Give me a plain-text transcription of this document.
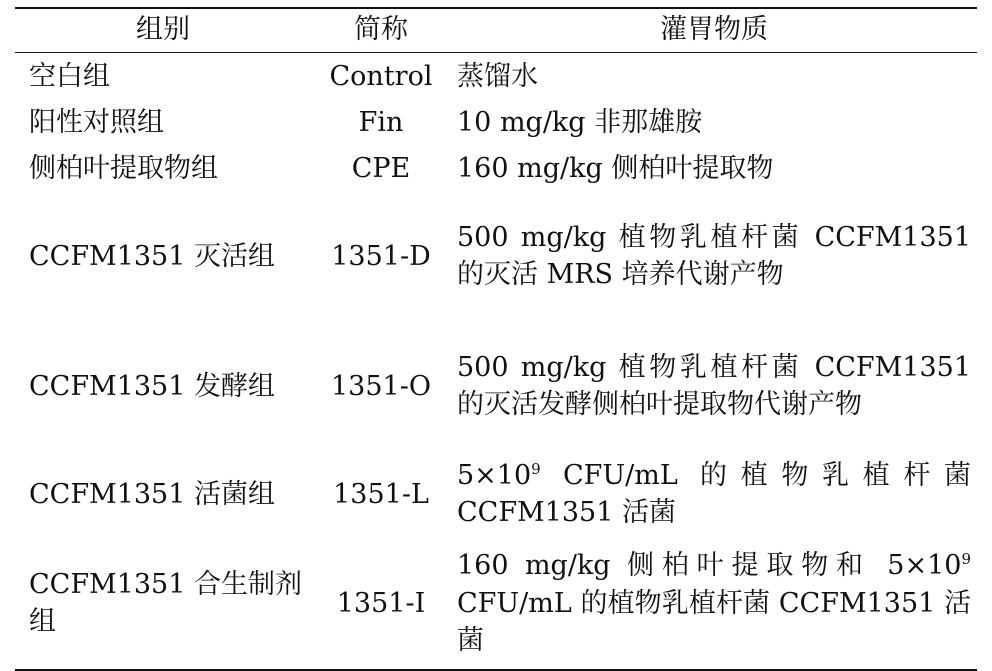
组别	简称	灌胃物质
空白组	Control	蒸馏水
阳性对照组	Fin	10 mg/kg 非那雄胺
侧柏叶提取物组	CPE	160 mg/kg 侧柏叶提取物
CCFM1351 灭活组	1351-D	500 mg/kg 植物乳植杆菌 CCFM1351 的灭活 MRS 培养代谢产物

CCFM1351 发酵组	1351-O	500 mg/kg 植物乳植杆菌 CCFM1351 的灭活发酵侧柏叶提取物代谢产物

CCFM1351 活菌组	1351-L	$5\times 10^9$ CFU/mL 的植物乳植杆菌 CCFM1351 活菌

CCFM1351 合生制剂组	1351-I	160 mg/kg 侧柏叶提取物和 $5\times 10^9$ CFU/mL 的植物乳植杆菌 CCFM1351 活菌
